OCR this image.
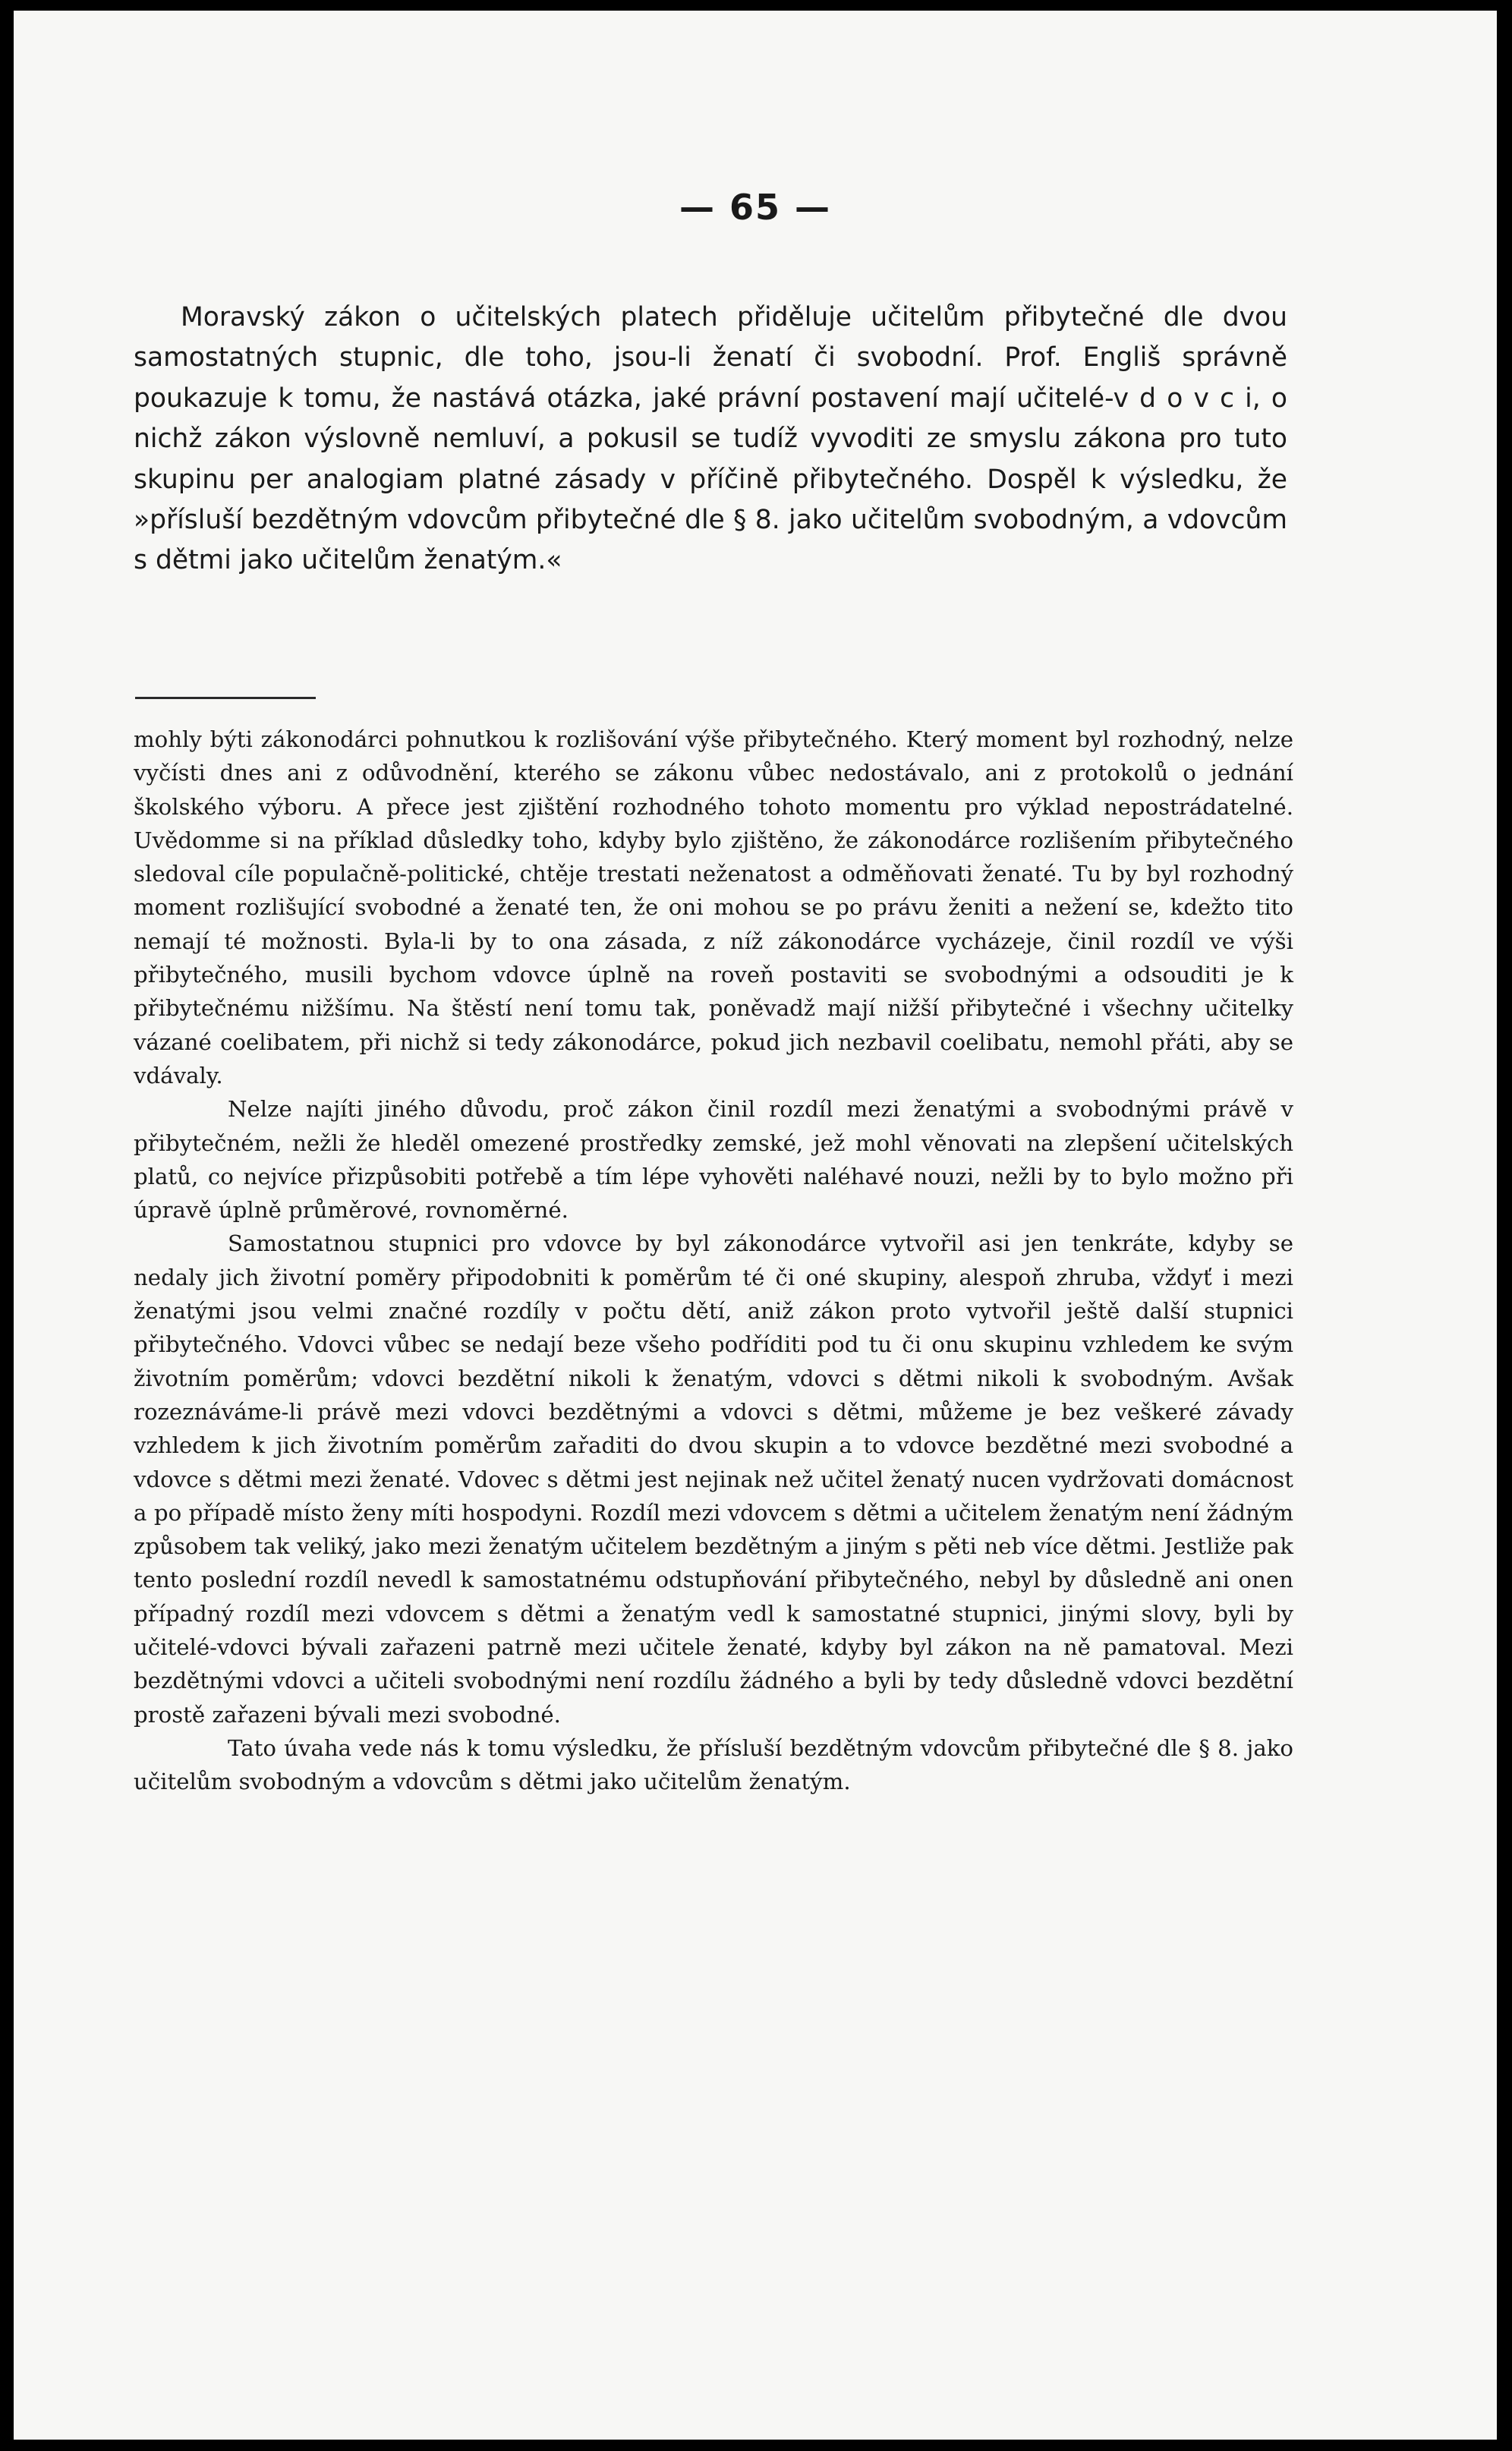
— 65 —

Moravský zákon o učitelských platech přiděluje učitelům přibytečné dle dvou samostatných stupnic, dle toho, jsou-li ženatí či svobodní. Prof. Engliš správně poukazuje k tomu, že nastává otázka, jaké právní postavení mají učitelé-v d o v c i, o nichž zákon výslovně nemluví, a pokusil se tudíž vyvoditi ze smyslu zákona pro tuto skupinu per analogiam platné zásady v příčině přibytečného. Dospěl k výsledku, že »přísluší bezdětným vdovcům přibytečné dle § 8. jako učitelům svobodným, a vdovcům s dětmi jako učitelům ženatým.«

mohly býti zákonodárci pohnutkou k rozlišování výše přibytečného. Který moment byl rozhodný, nelze vyčísti dnes ani z odůvodnění, kterého se zákonu vůbec nedostávalo, ani z protokolů o jednání školského výboru. A přece jest zjištění rozhodného tohoto momentu pro výklad nepostrádatelné. Uvědomme si na příklad důsledky toho, kdyby bylo zjištěno, že zákonodárce rozlišením přibytečného sledoval cíle populačně-politické, chtěje trestati neženatost a odměňovati ženaté. Tu by byl rozhodný moment rozlišující svobodné a ženaté ten, že oni mohou se po právu ženiti a nežení se, kdežto tito nemají té možnosti. Byla-li by to ona zásada, z níž zákonodárce vycházeje, činil rozdíl ve výši přibytečného, musili bychom vdovce úplně na roveň postaviti se svobodnými a odsouditi je k přibytečnému nižšímu. Na štěstí není tomu tak, poněvadž mají nižší přibytečné i všechny učitelky vázané coelibatem, při nichž si tedy zákonodárce, pokud jich nezbavil coelibatu, nemohl přáti, aby se vdávaly.

Nelze najíti jiného důvodu, proč zákon činil rozdíl mezi ženatými a svobodnými právě v přibytečném, nežli že hleděl omezené prostředky zemské, jež mohl věnovati na zlepšení učitelských platů, co nejvíce přizpůsobiti potřebě a tím lépe vyhověti naléhavé nouzi, nežli by to bylo možno při úpravě úplně průměrové, rovnoměrné.

Samostatnou stupnici pro vdovce by byl zákonodárce vytvořil asi jen tenkráte, kdyby se nedaly jich životní poměry připodobniti k poměrům té či oné skupiny, alespoň zhruba, vždyť i mezi ženatými jsou velmi značné rozdíly v počtu dětí, aniž zákon proto vytvořil ještě další stupnici přibytečného. Vdovci vůbec se nedají beze všeho podříditi pod tu či onu skupinu vzhledem ke svým životním poměrům; vdovci bezdětní nikoli k ženatým, vdovci s dětmi nikoli k svobodným. Avšak rozeznáváme-li právě mezi vdovci bezdětnými a vdovci s dětmi, můžeme je bez veškeré závady vzhledem k jich životním poměrům zařaditi do dvou skupin a to vdovce bezdětné mezi svobodné a vdovce s dětmi mezi ženaté. Vdovec s dětmi jest nejinak než učitel ženatý nucen vydržovati domácnost a po případě místo ženy míti hospodyni. Rozdíl mezi vdovcem s dětmi a učitelem ženatým není žádným způsobem tak veliký, jako mezi ženatým učitelem bezdětným a jiným s pěti neb více dětmi. Jestliže pak tento poslední rozdíl nevedl k samostatnému odstupňování přibytečného, nebyl by důsledně ani onen případný rozdíl mezi vdovcem s dětmi a ženatým vedl k samostatné stupnici, jinými slovy, byli by učitelé-vdovci bývali zařazeni patrně mezi učitele ženaté, kdyby byl zákon na ně pamatoval. Mezi bezdětnými vdovci a učiteli svobodnými není rozdílu žádného a byli by tedy důsledně vdovci bezdětní prostě zařazeni bývali mezi svobodné.

Tato úvaha vede nás k tomu výsledku, že přísluší bezdětným vdovcům přibytečné dle § 8. jako učitelům svobodným a vdovcům s dětmi jako učitelům ženatým.
